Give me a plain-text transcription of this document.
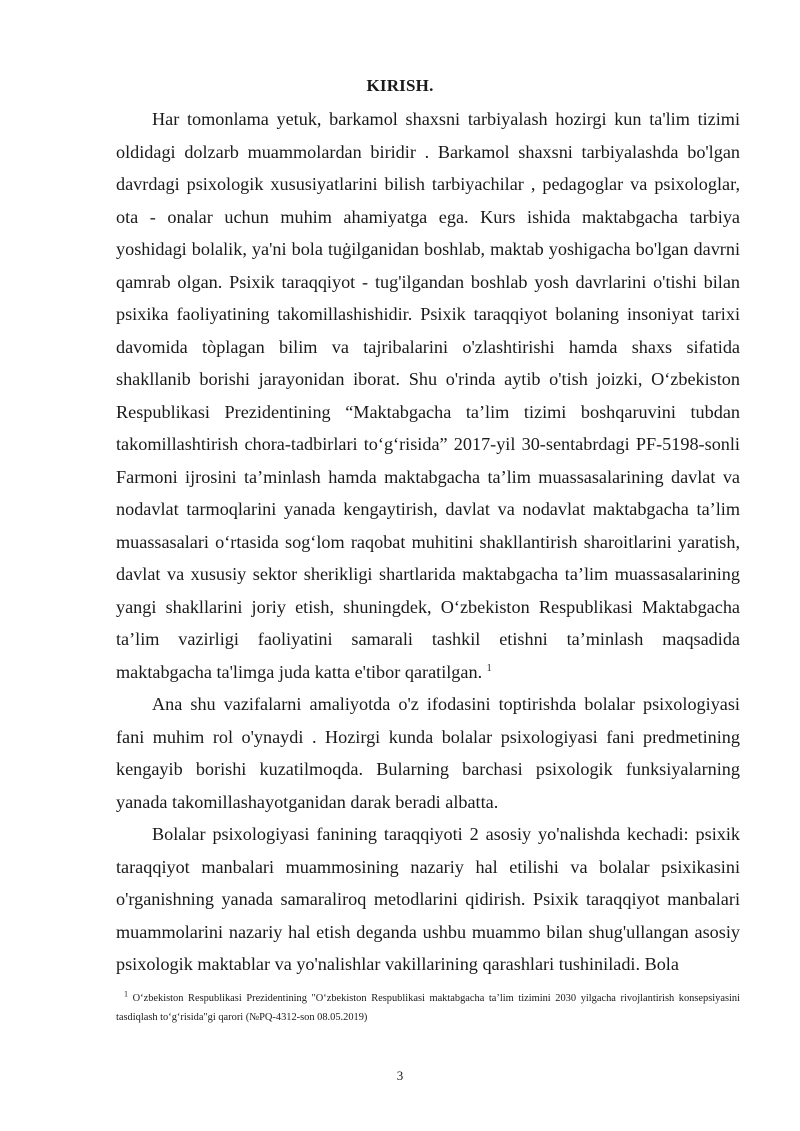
KIRISH.

Har tomonlama yetuk, barkamol shaxsni tarbiyalash hozirgi kun ta'lim tizimi oldidagi dolzarb muammolardan biridir . Barkamol shaxsni tarbiyalashda bo'lgan davrdagi psixologik xususiyatlarini bilish tarbiyachilar , pedagoglar va psixologlar, ota - onalar uchun muhim ahamiyatga ega. Kurs ishida maktabgacha tarbiya yoshidagi bolalik, ya'ni bola tuġilganidan boshlab, maktab yoshigacha bo'lgan davrni qamrab olgan. Psixik taraqqiyot - tug'ilgandan boshlab yosh davrlarini o'tishi bilan psixika faoliyatining takomillashishidir. Psixik taraqqiyot bolaning insoniyat tarixi davomida tòplagan bilim va tajribalarini o'zlashtirishi hamda shaxs sifatida shakllanib borishi jarayonidan iborat. Shu o'rinda aytib o'tish joizki, O‘zbekiston Respublikasi Prezidentining “Maktabgacha ta’lim tizimi boshqaruvini tubdan takomillashtirish chora-tadbirlari to‘g‘risida” 2017-yil 30-sentabrdagi PF-5198-sonli Farmoni ijrosini ta’minlash hamda maktabgacha ta’lim muassasalarining davlat va nodavlat tarmoqlarini yanada kengaytirish, davlat va nodavlat maktabgacha ta’lim muassasalari o‘rtasida sog‘lom raqobat muhitini shakllantirish sharoitlarini yaratish, davlat va xususiy sektor sherikligi shartlarida maktabgacha ta’lim muassasalarining yangi shakllarini joriy etish, shuningdek, O‘zbekiston Respublikasi Maktabgacha ta’lim vazirligi faoliyatini samarali tashkil etishni ta’minlash maqsadida maktabgacha ta'limga juda katta e'tibor qaratilgan. $^1$

Ana shu vazifalarni amaliyotda o'z ifodasini toptirishda bolalar psixologiyasi fani muhim rol o'ynaydi . Hozirgi kunda bolalar psixologiyasi fani predmetining kengayib borishi kuzatilmoqda. Bularning barchasi psixologik funksiyalarning yanada takomillashayotganidan darak beradi albatta.

Bolalar psixologiyasi fanining taraqqiyoti 2 asosiy yo'nalishda kechadi: psixik taraqqiyot manbalari muammosining nazariy hal etilishi va bolalar psixikasini o'rganishning yanada samaraliroq metodlarini qidirish. Psixik taraqqiyot manbalari muammolarini nazariy hal etish deganda ushbu muammo bilan shug'ullangan asosiy psixologik maktablar va yo'nalishlar vakillarining qarashlari tushiniladi. Bola

$^1$ O‘zbekiston Respublikasi Prezidentining "O‘zbekiston Respublikasi maktabgacha ta’lim tizimini 2030 yilgacha rivojlantirish konsepsiyasini tasdiqlash to‘g‘risida"gi qarori (№PQ-4312-son 08.05.2019)
3
